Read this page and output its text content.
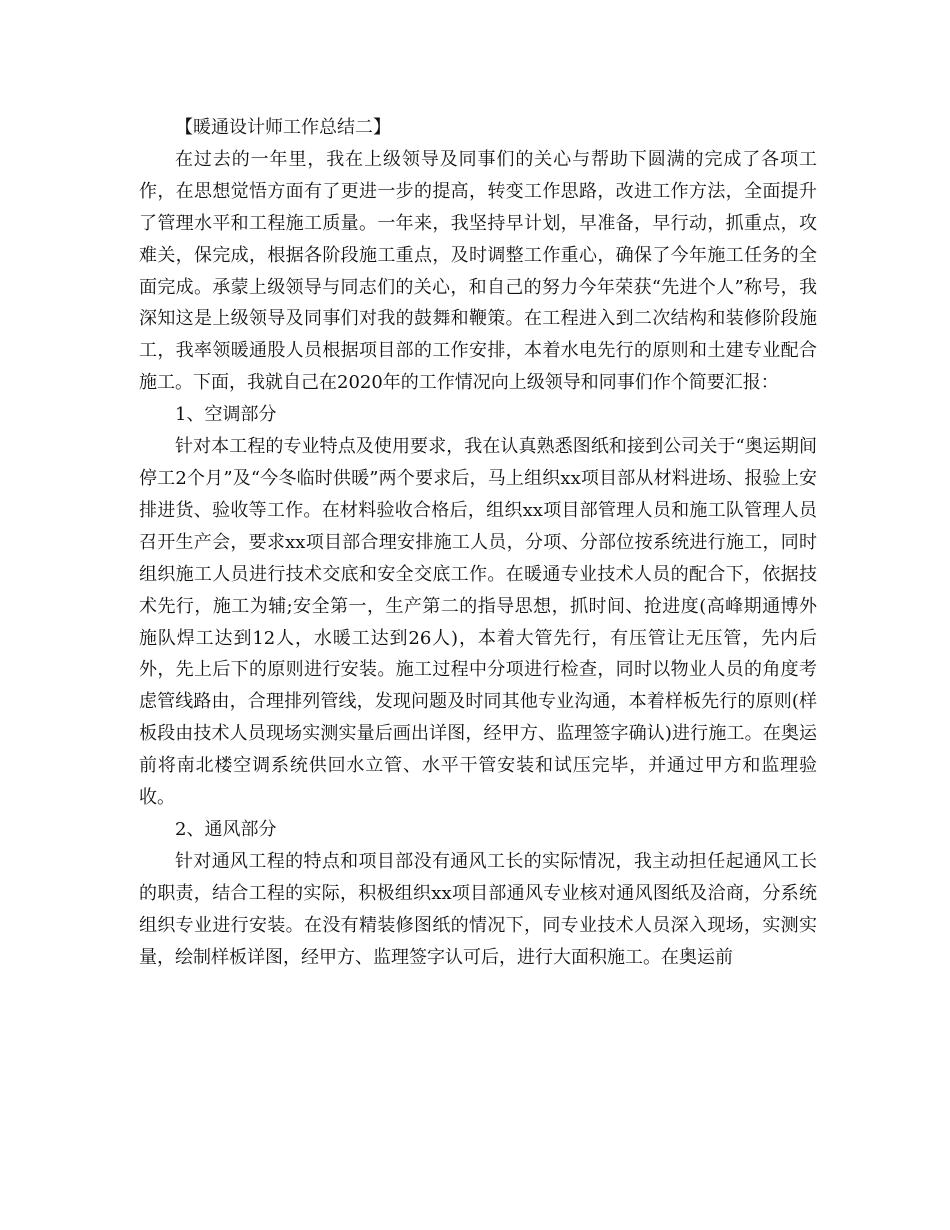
【暖通设计师工作总结二】

在过去的一年里，我在上级领导及同事们的关心与帮助下圆满的完成了各项工作，在思想觉悟方面有了更进一步的提高，转变工作思路，改进工作方法，全面提升了管理水平和工程施工质量。一年来，我坚持早计划，早准备，早行动，抓重点，攻难关，保完成，根据各阶段施工重点，及时调整工作重心，确保了今年施工任务的全面完成。承蒙上级领导与同志们的关心，和自己的努力今年荣获“先进个人”称号，我深知这是上级领导及同事们对我的鼓舞和鞭策。在工程进入到二次结构和装修阶段施工，我率领暖通股人员根据项目部的工作安排，本着水电先行的原则和土建专业配合施工。下面，我就自己在2020年的工作情况向上级领导和同事们作个简要汇报：

1、空调部分

针对本工程的专业特点及使用要求，我在认真熟悉图纸和接到公司关于“奥运期间停工2个月”及“今冬临时供暖”两个要求后，马上组织xx项目部从材料进场、报验上安排进货、验收等工作。在材料验收合格后，组织xx项目部管理人员和施工队管理人员召开生产会，要求xx项目部合理安排施工人员，分项、分部位按系统进行施工，同时组织施工人员进行技术交底和安全交底工作。在暖通专业技术人员的配合下，依据技术先行，施工为辅;安全第一，生产第二的指导思想，抓时间、抢进度(高峰期通博外施队焊工达到12人，水暖工达到26人)，本着大管先行，有压管让无压管，先内后外，先上后下的原则进行安装。施工过程中分项进行检查，同时以物业人员的角度考虑管线路由，合理排列管线，发现问题及时同其他专业沟通，本着样板先行的原则(样板段由技术人员现场实测实量后画出详图，经甲方、监理签字确认)进行施工。在奥运前将南北楼空调系统供回水立管、水平干管安装和试压完毕，并通过甲方和监理验收。

2、通风部分

针对通风工程的特点和项目部没有通风工长的实际情况，我主动担任起通风工长的职责，结合工程的实际，积极组织xx项目部通风专业核对通风图纸及洽商，分系统组织专业进行安装。在没有精装修图纸的情况下，同专业技术人员深入现场，实测实量，绘制样板详图，经甲方、监理签字认可后，进行大面积施工。在奥运前
